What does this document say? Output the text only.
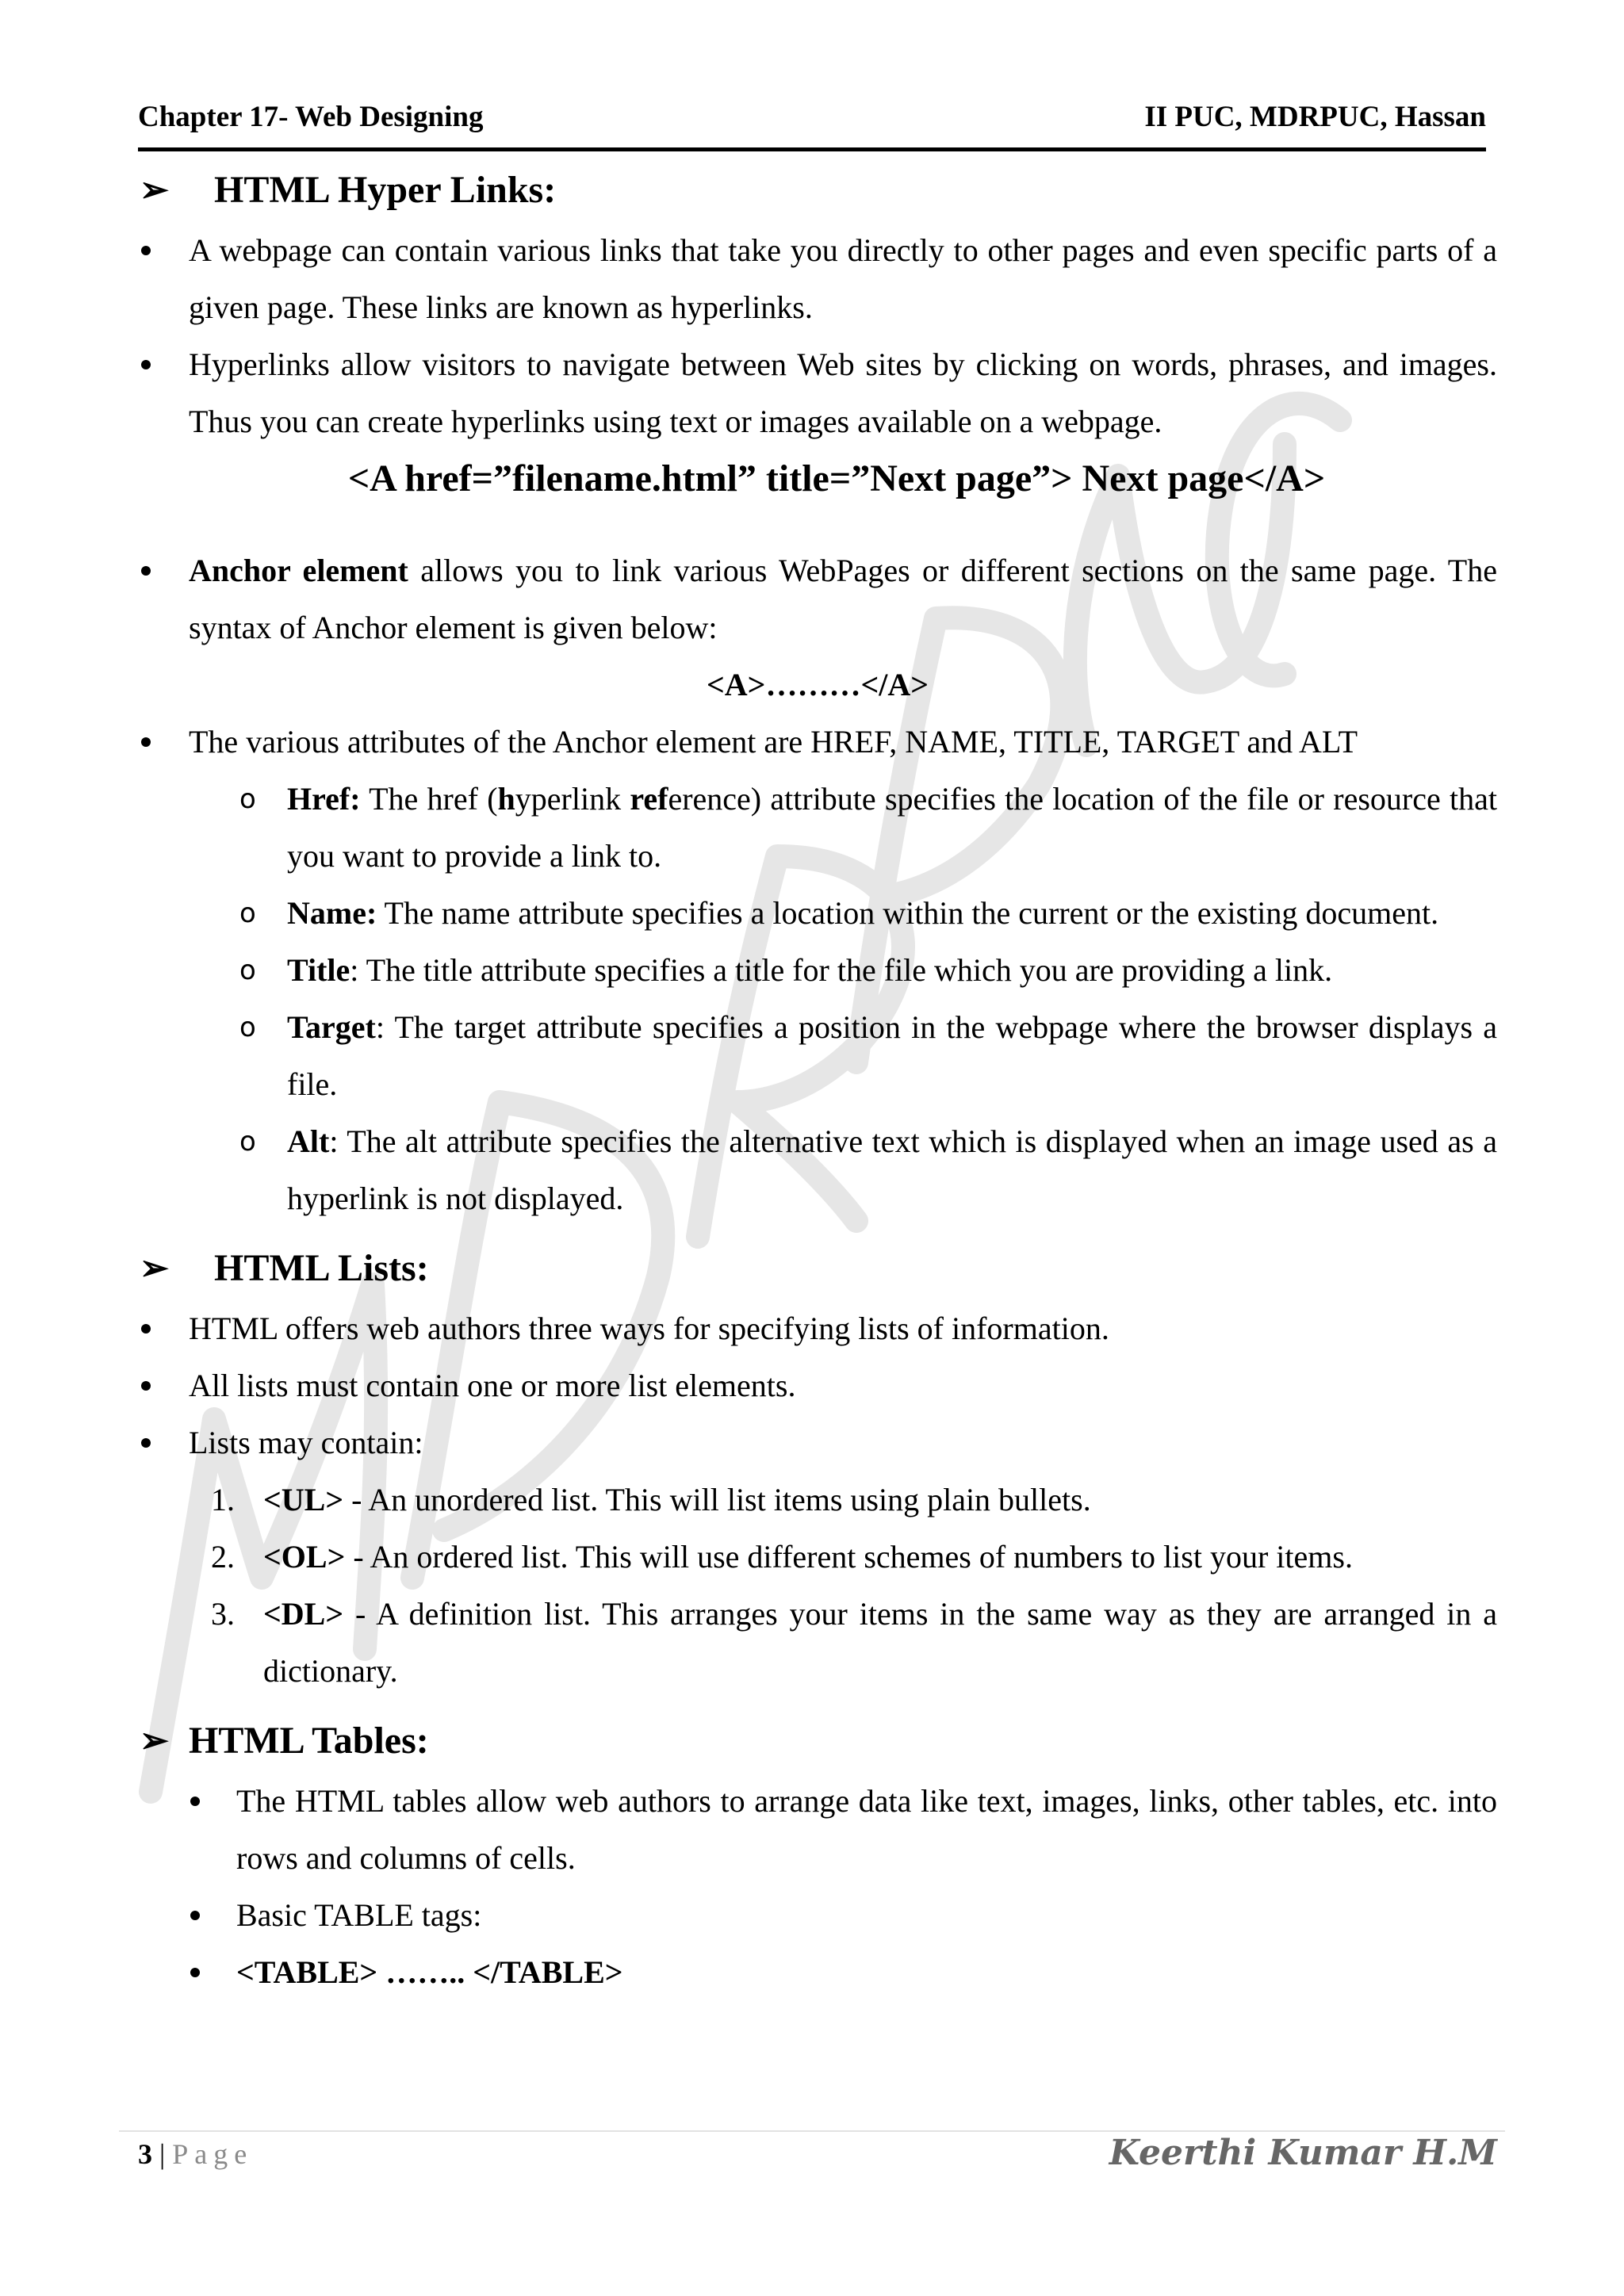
Chapter 17- Web Designing	II PUC, MDRPUC, Hassan
➢ HTML Hyper Links:
A webpage can contain various links that take you directly to other pages and even specific parts of a given page. These links are known as hyperlinks.
Hyperlinks allow visitors to navigate between Web sites by clicking on words, phrases, and images. Thus you can create hyperlinks using text or images available on a webpage.
<A href=”filename.html” title=”Next page”> Next page</A>
Anchor element allows you to link various WebPages or different sections on the same page. The syntax of Anchor element is given below:
<A>………</A>
The various attributes of the Anchor element are HREF, NAME, TITLE, TARGET and ALT
o Href: The href (hyperlink reference) attribute specifies the location of the file or resource that you want to provide a link to.
o Name: The name attribute specifies a location within the current or the existing document.
o Title: The title attribute specifies a title for the file which you are providing a link.
o Target: The target attribute specifies a position in the webpage where the browser displays a file.
o Alt: The alt attribute specifies the alternative text which is displayed when an image used as a hyperlink is not displayed.
➢ HTML Lists:
HTML offers web authors three ways for specifying lists of information.
All lists must contain one or more list elements.
Lists may contain:
1. <UL> - An unordered list. This will list items using plain bullets.
2. <OL> - An ordered list. This will use different schemes of numbers to list your items.
3. <DL> - A definition list. This arranges your items in the same way as they are arranged in a dictionary.
➢ HTML Tables:
The HTML tables allow web authors to arrange data like text, images, links, other tables, etc. into rows and columns of cells.
Basic TABLE tags:
<TABLE> …….. </TABLE>
3 | Page	Keerthi Kumar H.M
